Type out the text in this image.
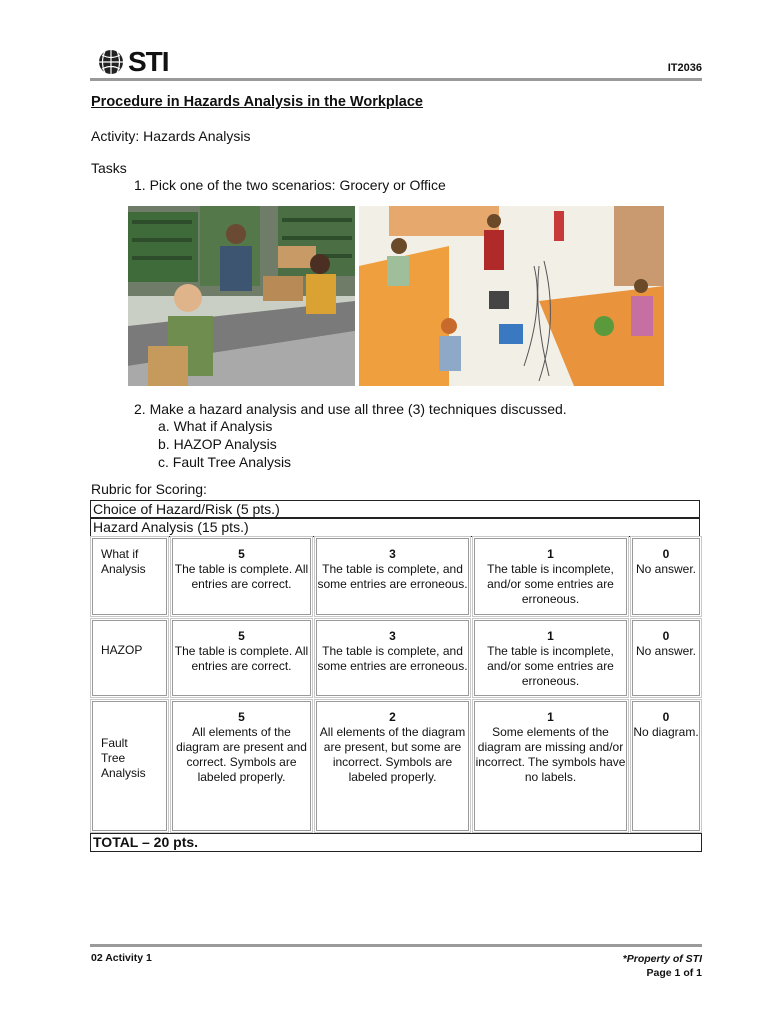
STI	IT2036
Procedure in Hazards Analysis in the Workplace
Activity: Hazards Analysis
Tasks
1. Pick one of the two scenarios: Grocery or Office
2. Make a hazard analysis and use all three (3) techniques discussed.
a. What if Analysis
b. HAZOP Analysis
c. Fault Tree Analysis
Rubric for Scoring:
Choice of Hazard/Risk (5 pts.)
Hazard Analysis (15 pts.)
What if Analysis
5
The table is complete. All entries are correct.
3
The table is complete, and some entries are erroneous.
1
The table is incomplete, and/or some entries are erroneous.
0
No answer.
HAZOP
5
The table is complete. All entries are correct.
3
The table is complete, and some entries are erroneous.
1
The table is incomplete, and/or some entries are erroneous.
0
No answer.
Fault Tree Analysis
5
All elements of the diagram are present and correct. Symbols are labeled properly.
2
All elements of the diagram are present, but some are incorrect. Symbols are labeled properly.
1
Some elements of the diagram are missing and/or incorrect. The symbols have no labels.
0
No diagram.
TOTAL – 20 pts.
02 Activity 1	*Property of STI
Page 1 of 1
